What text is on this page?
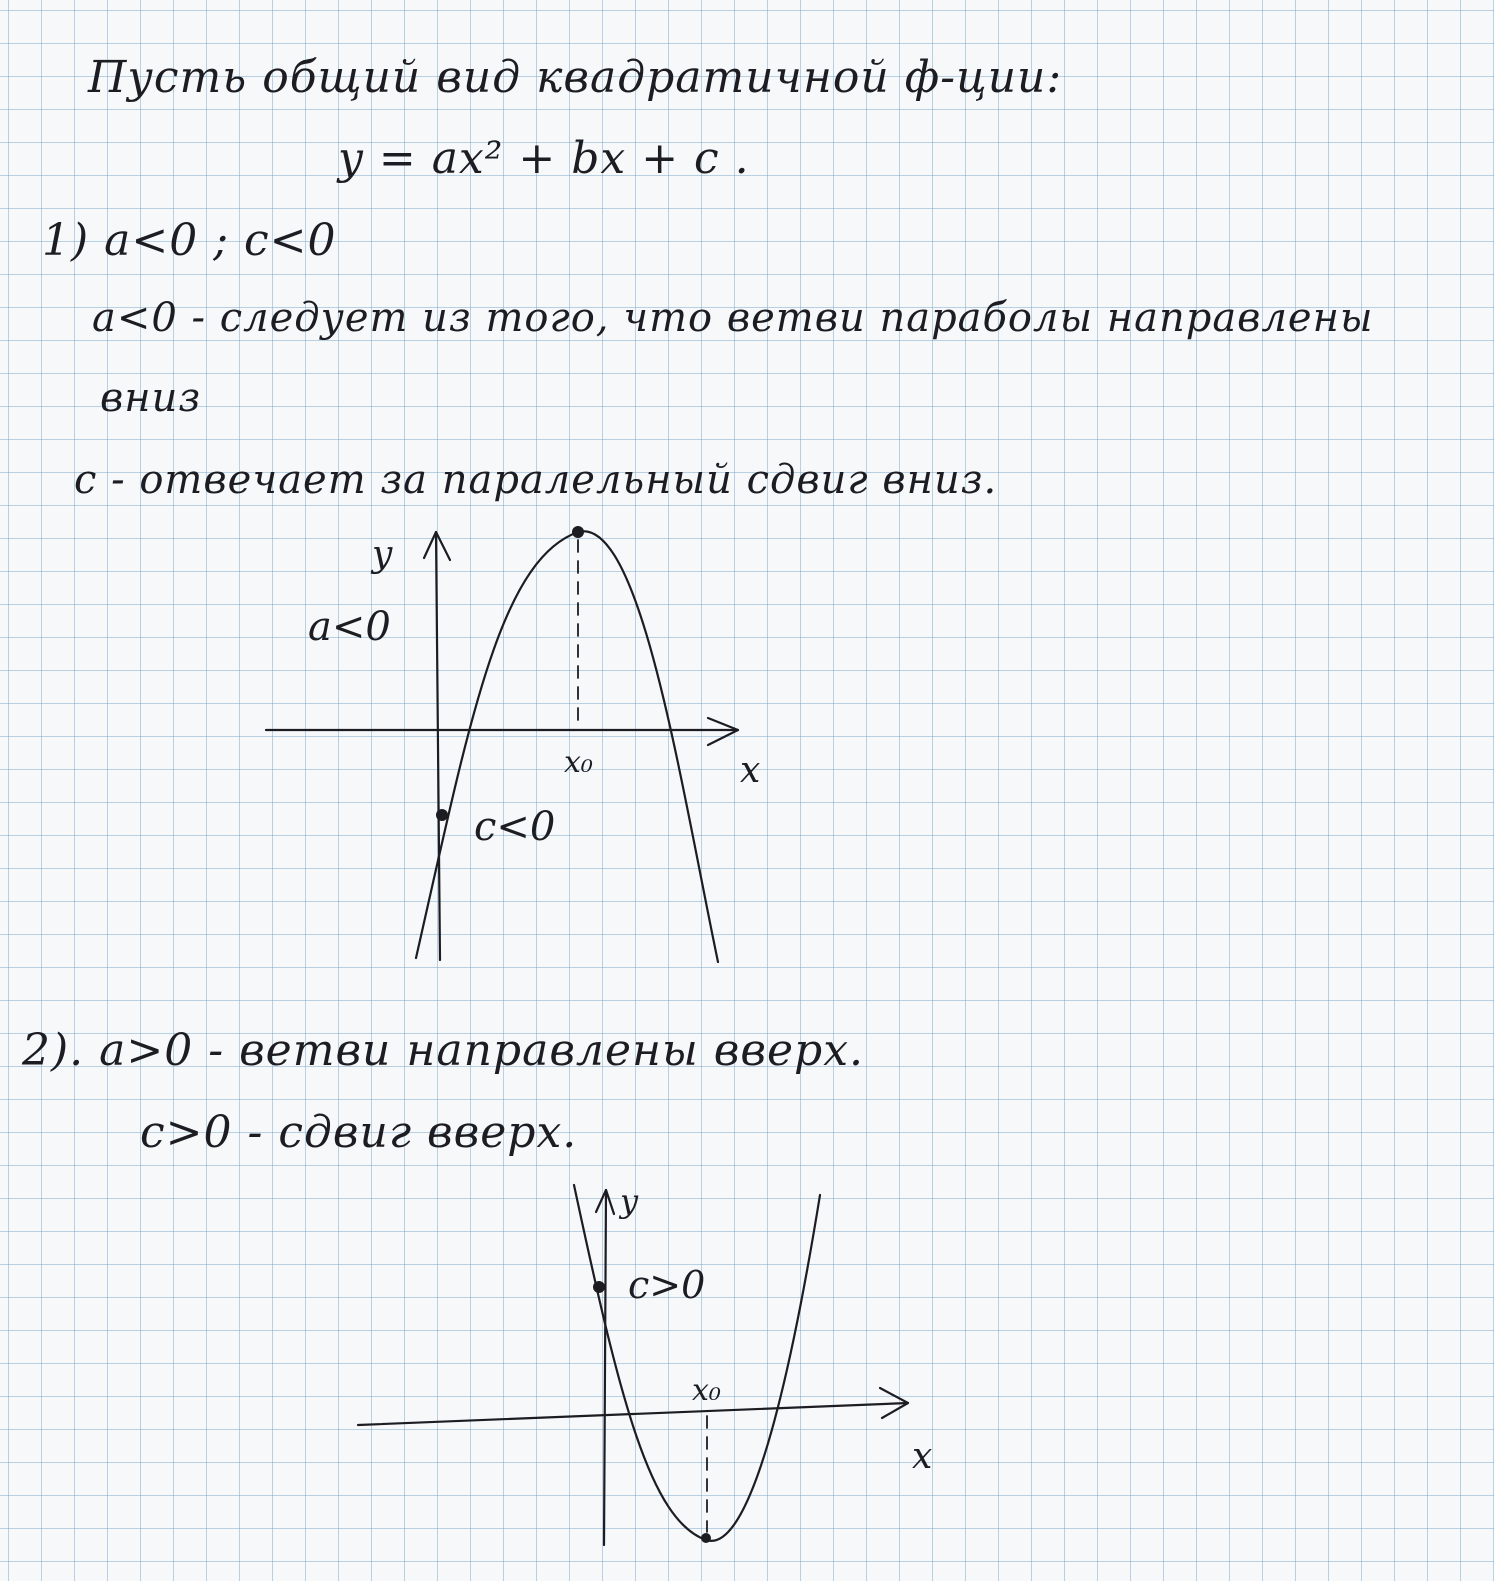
Пусть общий вид квадратичной ф-ции:
y = ax² + bx + c .
1) a<0 ; c<0
a<0 - следует из того, что ветви параболы направлены
вниз
c - отвечает за паралельный сдвиг вниз.
2). a>0 - ветви направлены вверх.
c>0 - сдвиг вверх.
y
a<0
x₀	x
c<0
y
c>0
x₀
x
